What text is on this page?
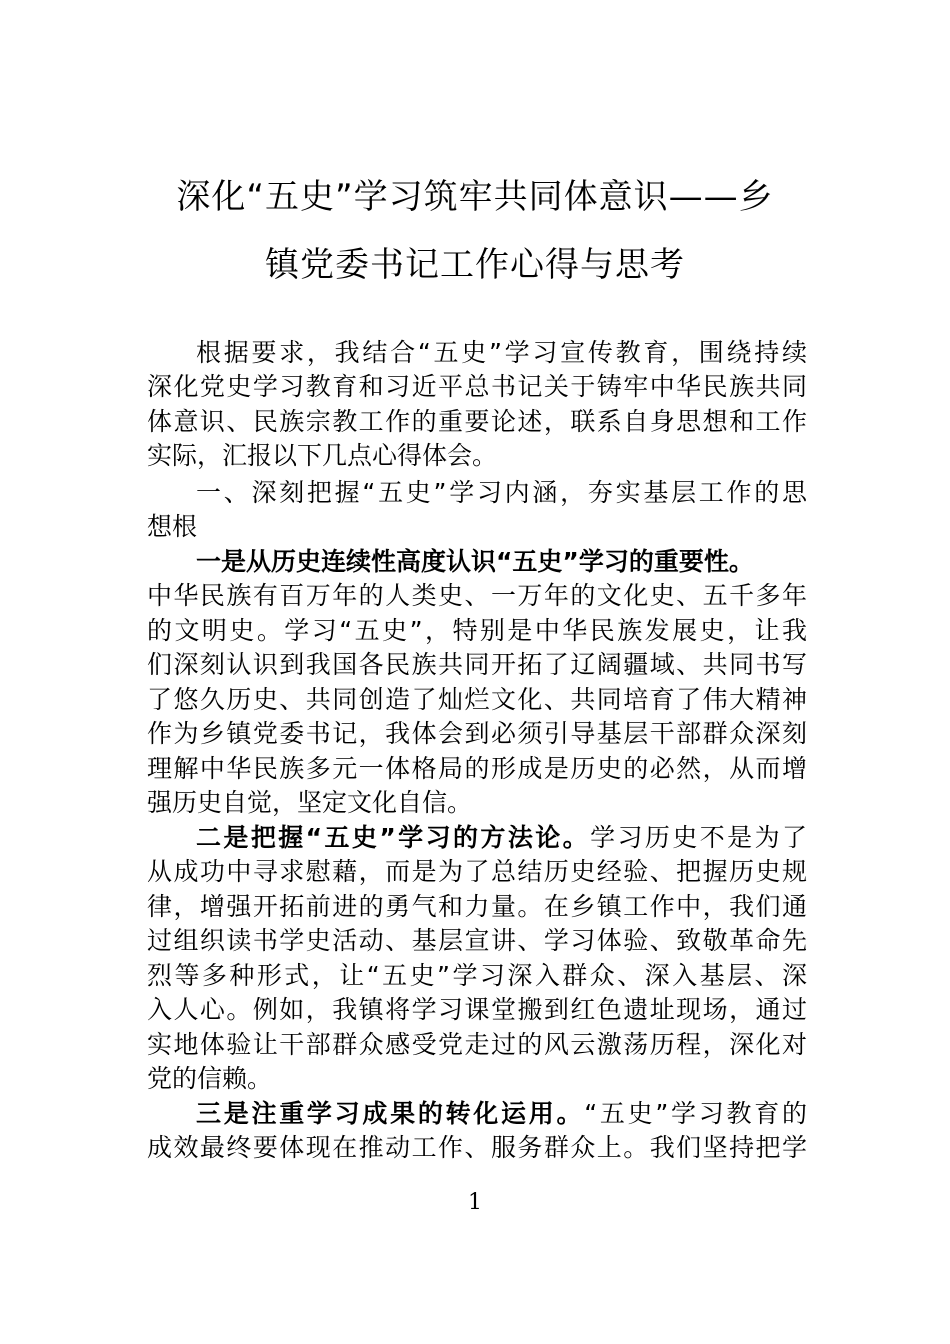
深化“五史”学习筑牢共同体意识——乡
镇党委书记工作心得与思考
根据要求，我结合“五史”学习宣传教育，围绕持续
深化党史学习教育和习近平总书记关于铸牢中华民族共同
体意识、民族宗教工作的重要论述，联系自身思想和工作
实际，汇报以下几点心得体会。
一、深刻把握“五史”学习内涵，夯实基层工作的思
想根
一是从历史连续性高度认识“五史”学习的重要性。
中华民族有百万年的人类史、一万年的文化史、五千多年
的文明史。学习“五史”，特别是中华民族发展史，让我
们深刻认识到我国各民族共同开拓了辽阔疆域、共同书写
了悠久历史、共同创造了灿烂文化、共同培育了伟大精神
作为乡镇党委书记，我体会到必须引导基层干部群众深刻
理解中华民族多元一体格局的形成是历史的必然，从而增
强历史自觉，坚定文化自信。
二是把握“五史”学习的方法论。学习历史不是为了
从成功中寻求慰藉，而是为了总结历史经验、把握历史规
律，增强开拓前进的勇气和力量。在乡镇工作中，我们通
过组织读书学史活动、基层宣讲、学习体验、致敬革命先
烈等多种形式，让“五史”学习深入群众、深入基层、深
入人心。例如，我镇将学习课堂搬到红色遗址现场，通过
实地体验让干部群众感受党走过的风云激荡历程，深化对
党的信赖。
三是注重学习成果的转化运用。“五史”学习教育的
成效最终要体现在推动工作、服务群众上。我们坚持把学
1
